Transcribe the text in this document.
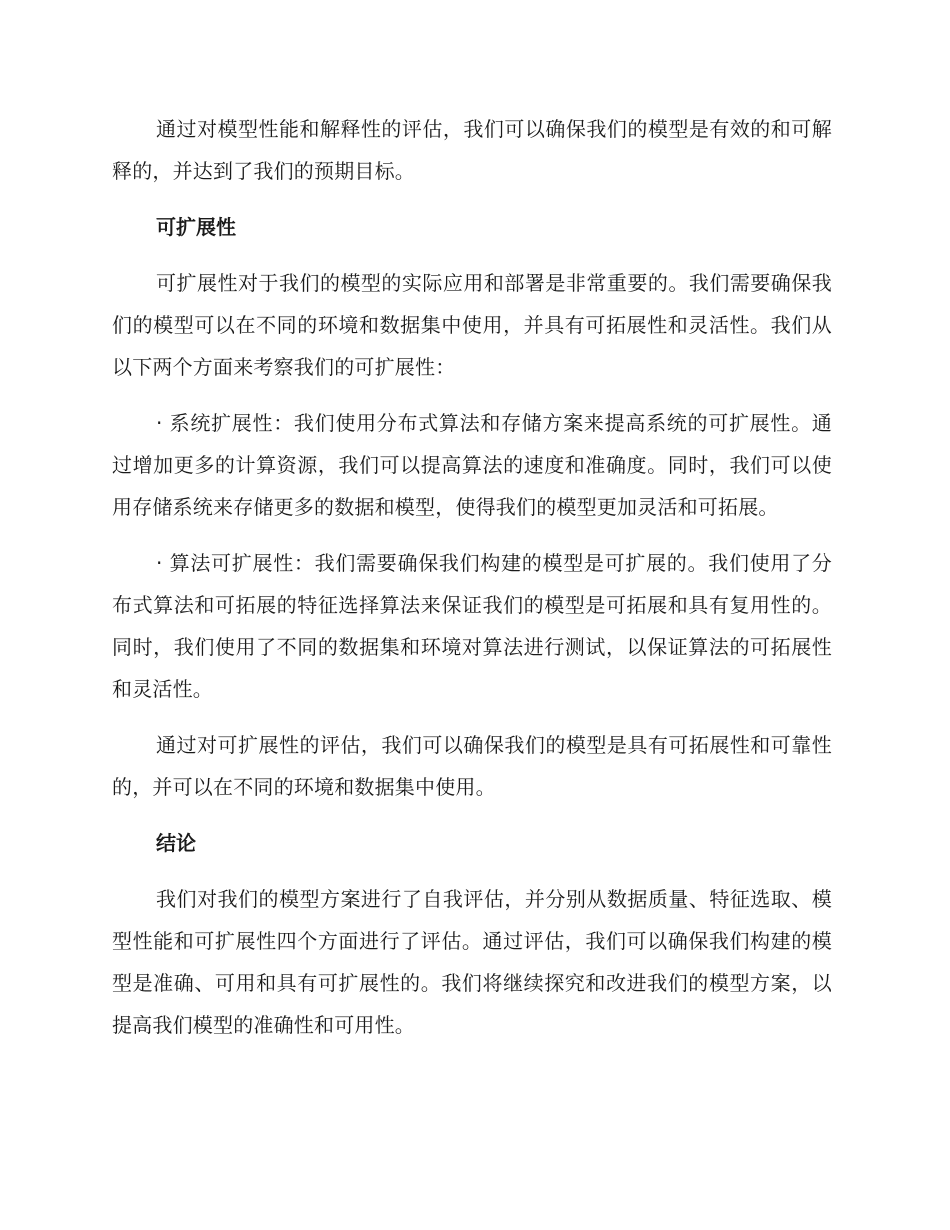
通过对模型性能和解释性的评估，我们可以确保我们的模型是有效的和可解释的，并达到了我们的预期目标。

可扩展性

可扩展性对于我们的模型的实际应用和部署是非常重要的。我们需要确保我们的模型可以在不同的环境和数据集中使用，并具有可拓展性和灵活性。我们从以下两个方面来考察我们的可扩展性：

· 系统扩展性：我们使用分布式算法和存储方案来提高系统的可扩展性。通过增加更多的计算资源，我们可以提高算法的速度和准确度。同时，我们可以使用存储系统来存储更多的数据和模型，使得我们的模型更加灵活和可拓展。

· 算法可扩展性：我们需要确保我们构建的模型是可扩展的。我们使用了分布式算法和可拓展的特征选择算法来保证我们的模型是可拓展和具有复用性的。同时，我们使用了不同的数据集和环境对算法进行测试，以保证算法的可拓展性和灵活性。

通过对可扩展性的评估，我们可以确保我们的模型是具有可拓展性和可靠性的，并可以在不同的环境和数据集中使用。

结论

我们对我们的模型方案进行了自我评估，并分别从数据质量、特征选取、模型性能和可扩展性四个方面进行了评估。通过评估，我们可以确保我们构建的模型是准确、可用和具有可扩展性的。我们将继续探究和改进我们的模型方案，以提高我们模型的准确性和可用性。
